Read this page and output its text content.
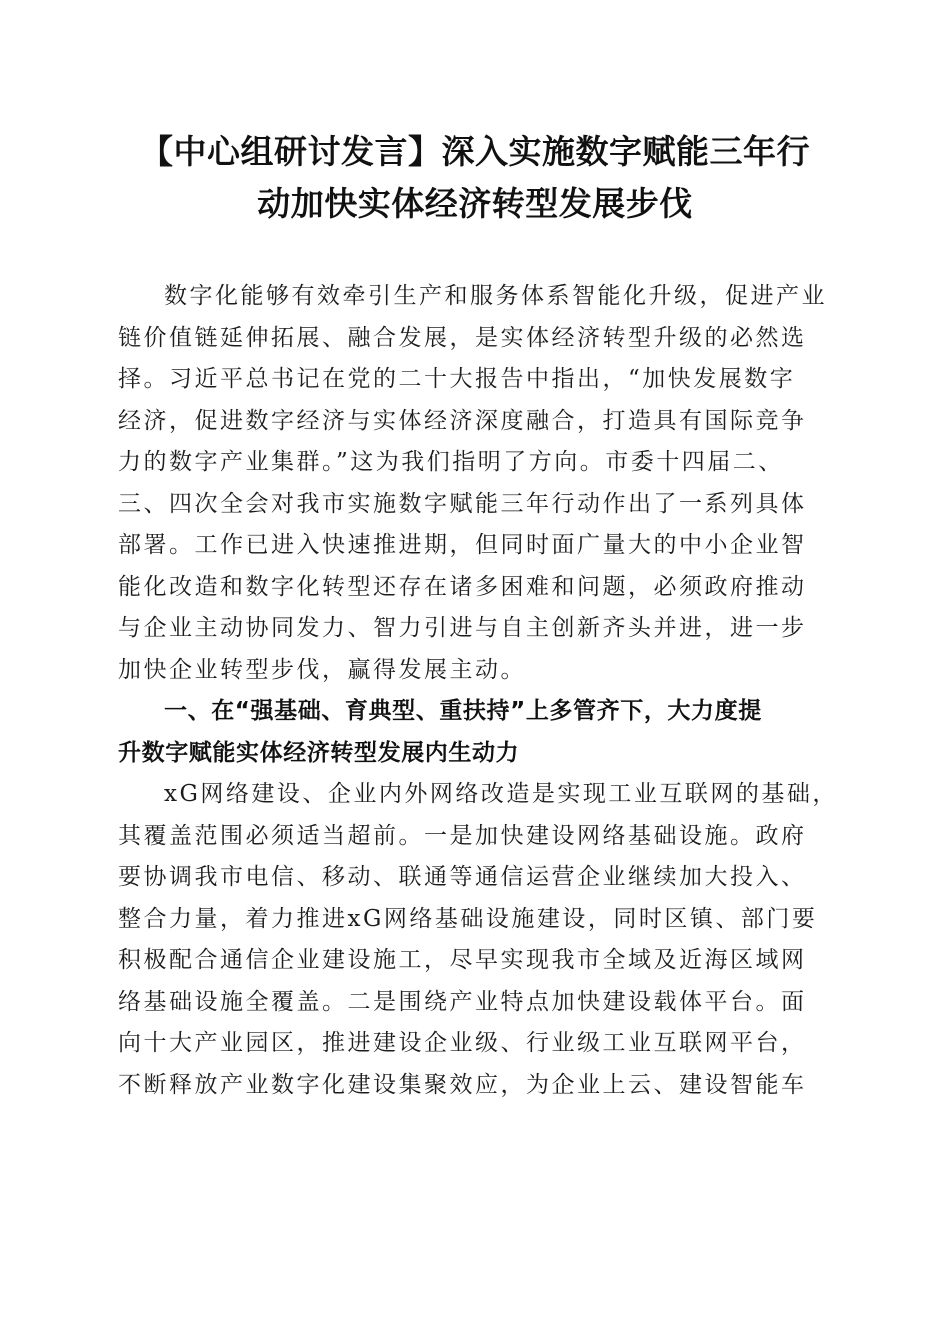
【中心组研讨发言】深入实施数字赋能三年行
动加快实体经济转型发展步伐
数字化能够有效牵引生产和服务体系智能化升级，促进产业
链价值链延伸拓展、融合发展，是实体经济转型升级的必然选
择。习近平总书记在党的二十大报告中指出，“加快发展数字
经济，促进数字经济与实体经济深度融合，打造具有国际竞争
力的数字产业集群。”这为我们指明了方向。市委十四届二、
三、四次全会对我市实施数字赋能三年行动作出了一系列具体
部署。工作已进入快速推进期，但同时面广量大的中小企业智
能化改造和数字化转型还存在诸多困难和问题，必须政府推动
与企业主动协同发力、智力引进与自主创新齐头并进，进一步
加快企业转型步伐，赢得发展主动。
一、在“强基础、育典型、重扶持”上多管齐下，大力度提
升数字赋能实体经济转型发展内生动力
xG网络建设、企业内外网络改造是实现工业互联网的基础，
其覆盖范围必须适当超前。一是加快建设网络基础设施。政府
要协调我市电信、移动、联通等通信运营企业继续加大投入、
整合力量，着力推进xG网络基础设施建设，同时区镇、部门要
积极配合通信企业建设施工，尽早实现我市全域及近海区域网
络基础设施全覆盖。二是围绕产业特点加快建设载体平台。面
向十大产业园区，推进建设企业级、行业级工业互联网平台，
不断释放产业数字化建设集聚效应，为企业上云、建设智能车
